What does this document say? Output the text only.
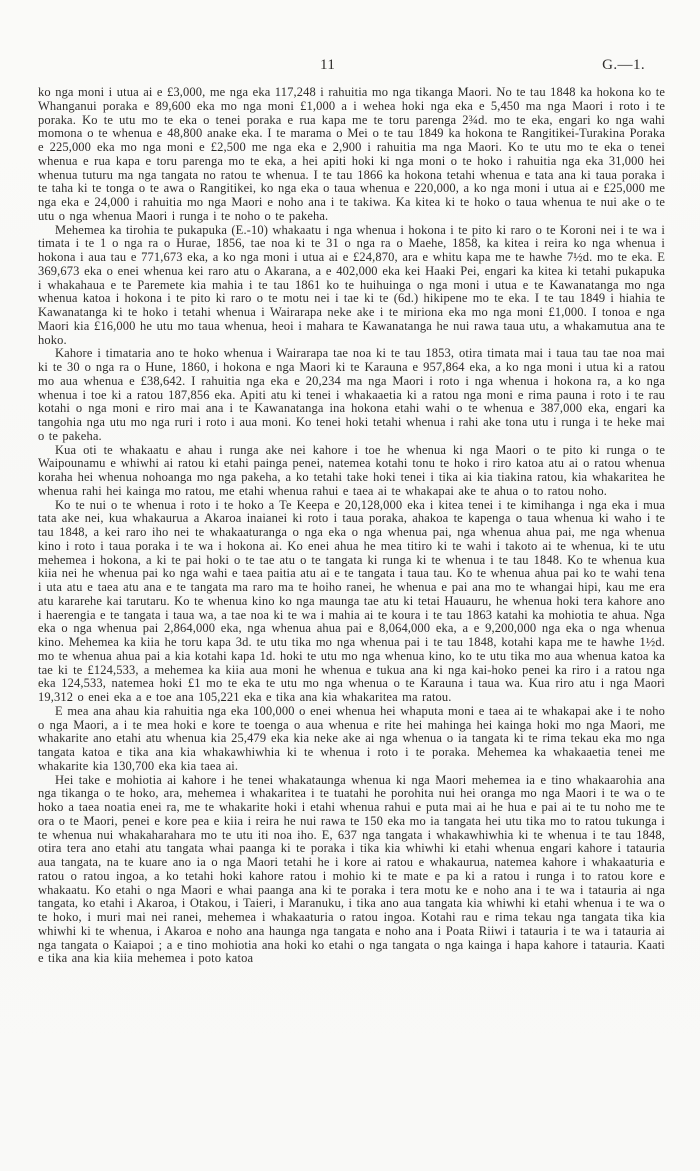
11	G.—1.

ko nga moni i utua ai e £3,000, me nga eka 117,248 i rahuitia mo nga tikanga Maori. No te tau 1848 ka hokona ko te Whanganui poraka e 89,600 eka mo nga moni £1,000 a i wehea hoki nga eka e 5,450 ma nga Maori i roto i te poraka. Ko te utu mo te eka o tenei poraka e rua kapa me te toru parenga 2¾d. mo te eka, engari ko nga wahi momona o te whenua e 48,800 anake eka. I te marama o Mei o te tau 1849 ka hokona te Rangitikei-Turakina Poraka e 225,000 eka mo nga moni e £2,500 me nga eka e 2,900 i rahuitia ma nga Maori. Ko te utu mo te eka o tenei whenua e rua kapa e toru parenga mo te eka, a hei apiti hoki ki nga moni o te hoko i rahuitia nga eka 31,000 hei whenua tuturu ma nga tangata no ratou te whenua. I te tau 1866 ka hokona tetahi whenua e tata ana ki taua poraka i te taha ki te tonga o te awa o Rangitikei, ko nga eka o taua whenua e 220,000, a ko nga moni i utua ai e £25,000 me nga eka e 24,000 i rahuitia mo nga Maori e noho ana i te takiwa. Ka kitea ki te hoko o taua whenua te nui ake o te utu o nga whenua Maori i runga i te noho o te pakeha.

Mehemea ka tirohia te pukapuka (E.-10) whakaatu i nga whenua i hokona i te pito ki raro o te Koroni nei i te wa i timata i te 1 o nga ra o Hurae, 1856, tae noa ki te 31 o nga ra o Maehe, 1858, ka kitea i reira ko nga whenua i hokona i aua tau e 771,673 eka, a ko nga moni i utua ai e £24,870, ara e whitu kapa me te hawhe 7½d. mo te eka. E 369,673 eka o enei whenua kei raro atu o Akarana, a e 402,000 eka kei Haaki Pei, engari ka kitea ki tetahi pukapuka i whakahaua e te Paremete kia mahia i te tau 1861 ko te huihuinga o nga moni i utua e te Kawanatanga mo nga whenua katoa i hokona i te pito ki raro o te motu nei i tae ki te (6d.) hikipene mo te eka. I te tau 1849 i hiahia te Kawanatanga ki te hoko i tetahi whenua i Wairarapa neke ake i te miriona eka mo nga moni £1,000. I tonoa e nga Maori kia £16,000 he utu mo taua whenua, heoi i mahara te Kawanatanga he nui rawa taua utu, a whakamutua ana te hoko.

Kahore i timataria ano te hoko whenua i Wairarapa tae noa ki te tau 1853, otira timata mai i taua tau tae noa mai ki te 30 o nga ra o Hune, 1860, i hokona e nga Maori ki te Karauna e 957,864 eka, a ko nga moni i utua ki a ratou mo aua whenua e £38,642. I rahuitia nga eka e 20,234 ma nga Maori i roto i nga whenua i hokona ra, a ko nga whenua i toe ki a ratou 187,856 eka. Apiti atu ki tenei i whakaaetia ki a ratou nga moni e rima pauna i roto i te rau kotahi o nga moni e riro mai ana i te Kawanatanga ina hokona etahi wahi o te whenua e 387,000 eka, engari ka tangohia nga utu mo nga ruri i roto i aua moni. Ko tenei hoki tetahi whenua i rahi ake tona utu i runga i te heke mai o te pakeha.

Kua oti te whakaatu e ahau i runga ake nei kahore i toe he whenua ki nga Maori o te pito ki runga o te Waipounamu e whiwhi ai ratou ki etahi painga penei, natemea kotahi tonu te hoko i riro katoa atu ai o ratou whenua koraha hei whenua nohoanga mo nga pakeha, a ko tetahi take hoki tenei i tika ai kia tiakina ratou, kia whakaritea he whenua rahi hei kainga mo ratou, me etahi whenua rahui e taea ai te whakapai ake te ahua o to ratou noho.

Ko te nui o te whenua i roto i te hoko a Te Keepa e 20,128,000 eka i kitea tenei i te kimihanga i nga eka i mua tata ake nei, kua whakaurua a Akaroa inaianei ki roto i taua poraka, ahakoa te kapenga o taua whenua ki waho i te tau 1848, a kei raro iho nei te whakaaturanga o nga eka o nga whenua pai, nga whenua ahua pai, me nga whenua kino i roto i taua poraka i te wa i hokona ai. Ko enei ahua he mea titiro ki te wahi i takoto ai te whenua, ki te utu mehemea i hokona, a ki te pai hoki o te tae atu o te tangata ki runga ki te whenua i te tau 1848. Ko te whenua kua kiia nei he whenua pai ko nga wahi e taea paitia atu ai e te tangata i taua tau. Ko te whenua ahua pai ko te wahi tena i uta atu e taea atu ana e te tangata ma raro ma te hoiho ranei, he whenua e pai ana mo te whangai hipi, kau me era atu kararehe kai tarutaru. Ko te whenua kino ko nga maunga tae atu ki tetai Hauauru, he whenua hoki tera kahore ano i haerengia e te tangata i taua wa, a tae noa ki te wa i mahia ai te koura i te tau 1863 katahi ka mohiotia te ahua. Nga eka o nga whenua pai 2,864,000 eka, nga whenua ahua pai e 8,064,000 eka, a e 9,200,000 nga eka o nga whenua kino. Mehemea ka kiia he toru kapa 3d. te utu tika mo nga whenua pai i te tau 1848, kotahi kapa me te hawhe 1½d. mo te whenua ahua pai a kia kotahi kapa 1d. hoki te utu mo nga whenua kino, ko te utu tika mo aua whenua katoa ka tae ki te £124,533, a mehemea ka kiia aua moni he whenua e tukua ana ki nga kai-hoko penei ka riro i a ratou nga eka 124,533, natemea hoki £1 mo te eka te utu mo nga whenua o te Karauna i taua wa. Kua riro atu i nga Maori 19,312 o enei eka a e toe ana 105,221 eka e tika ana kia whakaritea ma ratou.

E mea ana ahau kia rahuitia nga eka 100,000 o enei whenua hei whaputa moni e taea ai te whakapai ake i te noho o nga Maori, a i te mea hoki e kore te toenga o aua whenua e rite hei mahinga hei kainga hoki mo nga Maori, me whakarite ano etahi atu whenua kia 25,479 eka kia neke ake ai nga whenua o ia tangata ki te rima tekau eka mo nga tangata katoa e tika ana kia whakawhiwhia ki te whenua i roto i te poraka. Mehemea ka whakaaetia tenei me whakarite kia 130,700 eka kia taea ai.

Hei take e mohiotia ai kahore i he tenei whakataunga whenua ki nga Maori mehemea ia e tino whakaarohia ana nga tikanga o te hoko, ara, mehemea i whakaritea i te tuatahi he porohita nui hei oranga mo nga Maori i te wa o te hoko a taea noatia enei ra, me te whakarite hoki i etahi whenua rahui e puta mai ai he hua e pai ai te tu noho me te ora o te Maori, penei e kore pea e kiia i reira he nui rawa te 150 eka mo ia tangata hei utu tika mo to ratou tukunga i te whenua nui whakaharahara mo te utu iti noa iho. E, 637 nga tangata i whakawhiwhia ki te whenua i te tau 1848, otira tera ano etahi atu tangata whai paanga ki te poraka i tika kia whiwhi ki etahi whenua engari kahore i tatauria aua tangata, na te kuare ano ia o nga Maori tetahi he i kore ai ratou e whakaurua, natemea kahore i whakaaturia e ratou o ratou ingoa, a ko tetahi hoki kahore ratou i mohio ki te mate e pa ki a ratou i runga i to ratou kore e whakaatu. Ko etahi o nga Maori e whai paanga ana ki te poraka i tera motu ke e noho ana i te wa i tatauria ai nga tangata, ko etahi i Akaroa, i Otakou, i Taieri, i Maranuku, i tika ano aua tangata kia whiwhi ki etahi whenua i te wa o te hoko, i muri mai nei ranei, mehemea i whakaaturia o ratou ingoa. Kotahi rau e rima tekau nga tangata tika kia whiwhi ki te whenua, i Akaroa e noho ana haunga nga tangata e noho ana i Poata Riiwi i tatauria i te wa i tatauria ai nga tangata o Kaiapoi ; a e tino mohiotia ana hoki ko etahi o nga tangata o nga kainga i hapa kahore i tatauria. Kaati e tika ana kia kiia mehemea i poto katoa
